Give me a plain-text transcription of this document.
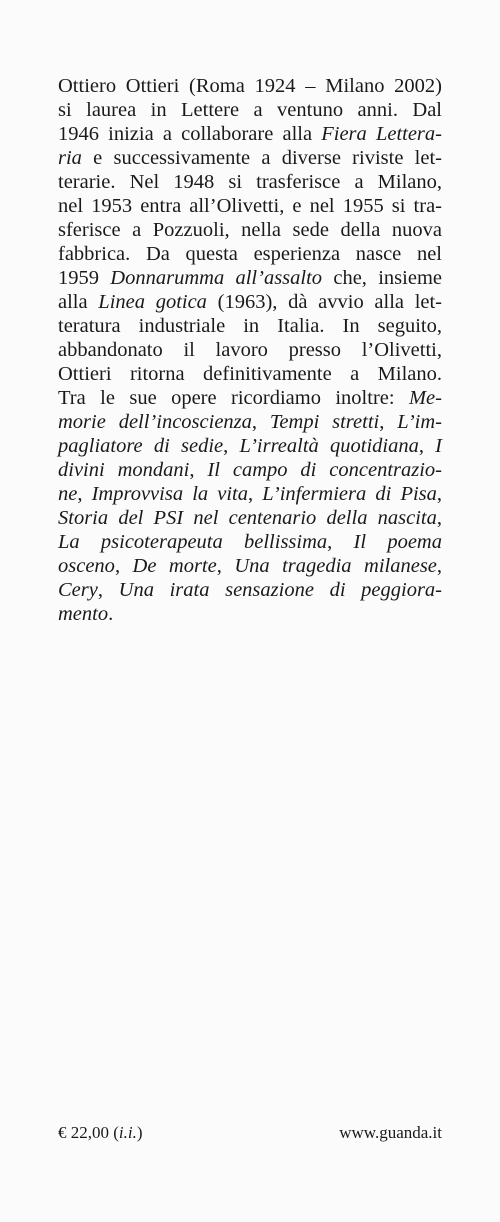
Ottiero Ottieri (Roma 1924 – Milano 2002)
si laurea in Lettere a ventuno anni. Dal
1946 inizia a collaborare alla Fiera Lettera-
ria e successivamente a diverse riviste let-
terarie. Nel 1948 si trasferisce a Milano,
nel 1953 entra all’Olivetti, e nel 1955 si tra-
sferisce a Pozzuoli, nella sede della nuova
fabbrica. Da questa esperienza nasce nel
1959 Donnarumma all’assalto che, insieme
alla Linea gotica (1963), dà avvio alla let-
teratura industriale in Italia. In seguito,
abbandonato il lavoro presso l’Olivetti,
Ottieri ritorna definitivamente a Milano.
Tra le sue opere ricordiamo inoltre: Me-
morie dell’incoscienza, Tempi stretti, L’im-
pagliatore di sedie, L’irrealtà quotidiana, I
divini mondani, Il campo di concentrazio-
ne, Improvvisa la vita, L’infermiera di Pisa,
Storia del PSI nel centenario della nascita,
La psicoterapeuta bellissima, Il poema
osceno, De morte, Una tragedia milanese,
Cery, Una irata sensazione di peggiora-
mento.
€ 22,00 (i.i.)	www.guanda.it
